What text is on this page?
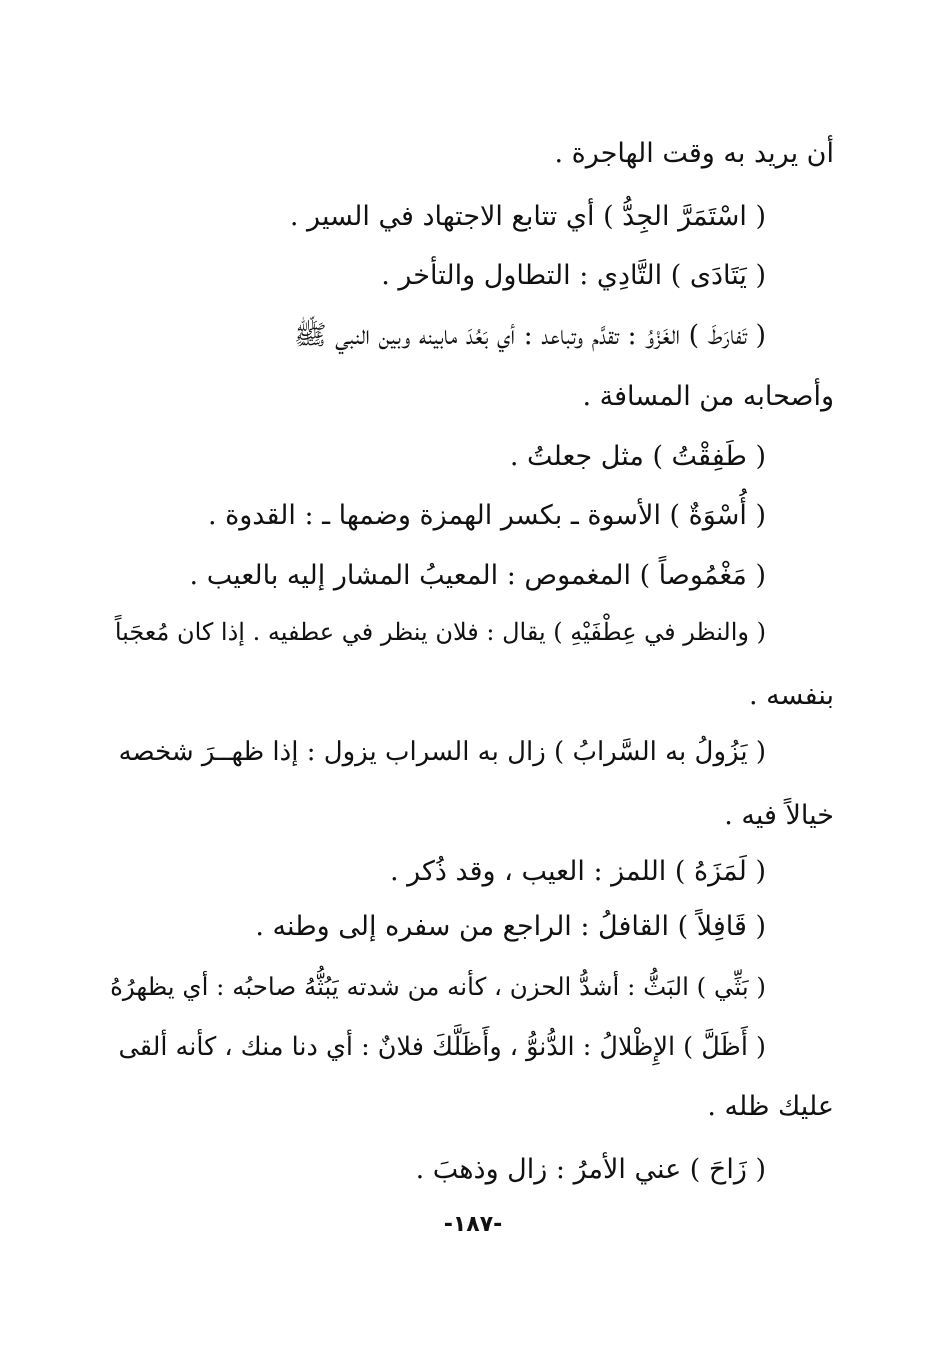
أن يريد به وقت الهاجرة .
( اسْتَمَرَّ الجِدُّ ) أي تتابع الاجتهاد في السير .
( يَتَادَى ) التَّادِي : التطاول والتأخر .
( تَفارَطَ ) الغَزْوُ : تقدَّم وتباعد : أي بَعُدَ مابينه وبين النبي ﷺ
وأصحابه من المسافة .
( طَفِقْتُ ) مثل جعلتُ .
( أُسْوَةٌ ) الأسوة ـ بكسر الهمزة وضمها ـ : القدوة .
( مَغْمُوصاً ) المغموص : المعيبُ المشار إليه بالعيب .
( والنظر في عِطْفَيْهِ ) يقال : فلان ينظر في عطفيه . إذا كان مُعجَباً
بنفسه .
( يَزُولُ به السَّرابُ ) زال به السراب يزول : إذا ظهــرَ شخصه
خيالاً فيه .
( لَمَزَهُ ) اللمز : العيب ، وقد ذُكر .
( قَافِلاً ) القافلُ : الراجع من سفره إلى وطنه .
( بَثِّي ) البَثُّ : أشدُّ الحزن ، كأنه من شدته يَبُثُّهُ صاحبُه : أي يظهرُهُ
( أَظَلَّ ) الإِظْلالُ : الدُّنوُّ ، وأَظَلَّكَ فلانٌ : أي دنا منك ، كأنه ألقى
عليك ظله .
( زَاحَ ) عني الأمرُ : زال وذهبَ .
-١٨٧-
